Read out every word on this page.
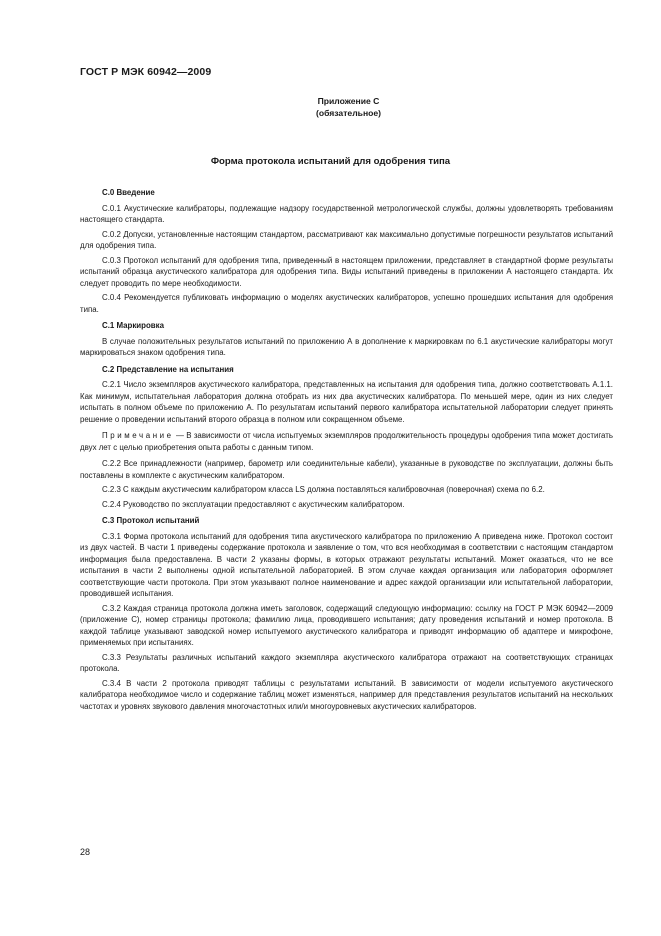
ГОСТ Р МЭК 60942—2009
Приложение С
(обязательное)
Форма протокола испытаний для одобрения типа

С.0 Введение

С.0.1 Акустические калибраторы, подлежащие надзору государственной метрологической службы, должны удовлетворять требованиям настоящего стандарта.

С.0.2 Допуски, установленные настоящим стандартом, рассматривают как максимально допустимые погрешности результатов испытаний для одобрения типа.

С.0.3 Протокол испытаний для одобрения типа, приведенный в настоящем приложении, представляет в стандартной форме результаты испытаний образца акустического калибратора для одобрения типа. Виды испытаний приведены в приложении А настоящего стандарта. Их следует проводить по мере необходимости.

С.0.4 Рекомендуется публиковать информацию о моделях акустических калибраторов, успешно прошедших испытания для одобрения типа.

С.1 Маркировка

В случае положительных результатов испытаний по приложению А в дополнение к маркировкам по 6.1 акустические калибраторы могут маркироваться знаком одобрения типа.

С.2 Представление на испытания

С.2.1 Число экземпляров акустического калибратора, представленных на испытания для одобрения типа, должно соответствовать А.1.1. Как минимум, испытательная лаборатория должна отобрать из них два акустических калибратора. По меньшей мере, один из них следует испытать в полном объеме по приложению А. По результатам испытаний первого калибратора испытательной лаборатории следует принять решение о проведении испытаний второго образца в полном или сокращенном объеме.

Примечание — В зависимости от числа испытуемых экземпляров продолжительность процедуры одобрения типа может достигать двух лет с целью приобретения опыта работы с данным типом.

С.2.2 Все принадлежности (например, барометр или соединительные кабели), указанные в руководстве по эксплуатации, должны быть поставлены в комплекте с акустическим калибратором.

С.2.3 С каждым акустическим калибратором класса LS должна поставляться калибровочная (поверочная) схема по 6.2.

С.2.4 Руководство по эксплуатации предоставляют с акустическим калибратором.

С.3 Протокол испытаний

С.3.1 Форма протокола испытаний для одобрения типа акустического калибратора по приложению А приведена ниже. Протокол состоит из двух частей. В части 1 приведены содержание протокола и заявление о том, что вся необходимая в соответствии с настоящим стандартом информация была предоставлена. В части 2 указаны формы, в которых отражают результаты испытаний. Может оказаться, что не все испытания в части 2 выполнены одной испытательной лабораторией. В этом случае каждая организация или лаборатория оформляет соответствующие части протокола. При этом указывают полное наименование и адрес каждой организации или испытательной лаборатории, проводившей испытания.

С.3.2 Каждая страница протокола должна иметь заголовок, содержащий следующую информацию: ссылку на ГОСТ Р МЭК 60942—2009 (приложение С), номер страницы протокола; фамилию лица, проводившего испытания; дату проведения испытаний и номер протокола. В каждой таблице указывают заводской номер испытуемого акустического калибратора и приводят информацию об адаптере и микрофоне, применяемых при испытаниях.

С.3.3 Результаты различных испытаний каждого экземпляра акустического калибратора отражают на соответствующих страницах протокола.

С.3.4 В части 2 протокола приводят таблицы с результатами испытаний. В зависимости от модели испытуемого акустического калибратора необходимое число и содержание таблиц может изменяться, например для представления результатов испытаний на нескольких частотах и уровнях звукового давления многочастотных или/и многоуровневых акустических калибраторов.

28
